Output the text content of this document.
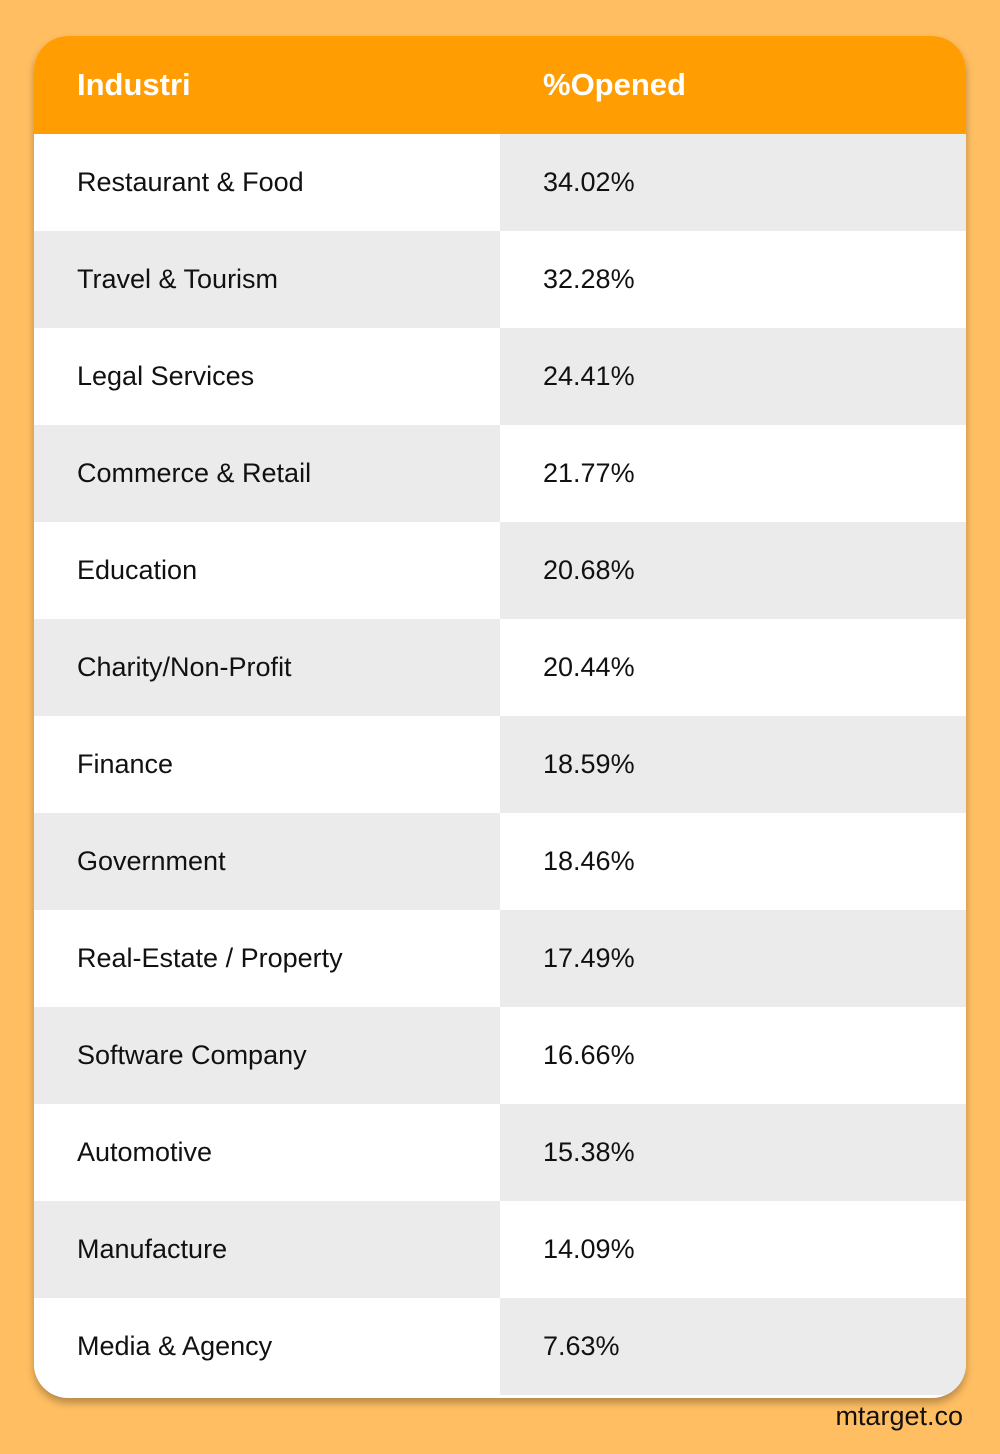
Industri	%Opened
Restaurant & Food	34.02%
Travel & Tourism	32.28%
Legal Services	24.41%
Commerce & Retail	21.77%
Education	20.68%
Charity/Non-Profit	20.44%
Finance	18.59%
Government	18.46%
Real-Estate / Property	17.49%
Software Company	16.66%
Automotive	15.38%
Manufacture	14.09%
Media & Agency	7.63%
mtarget.co
